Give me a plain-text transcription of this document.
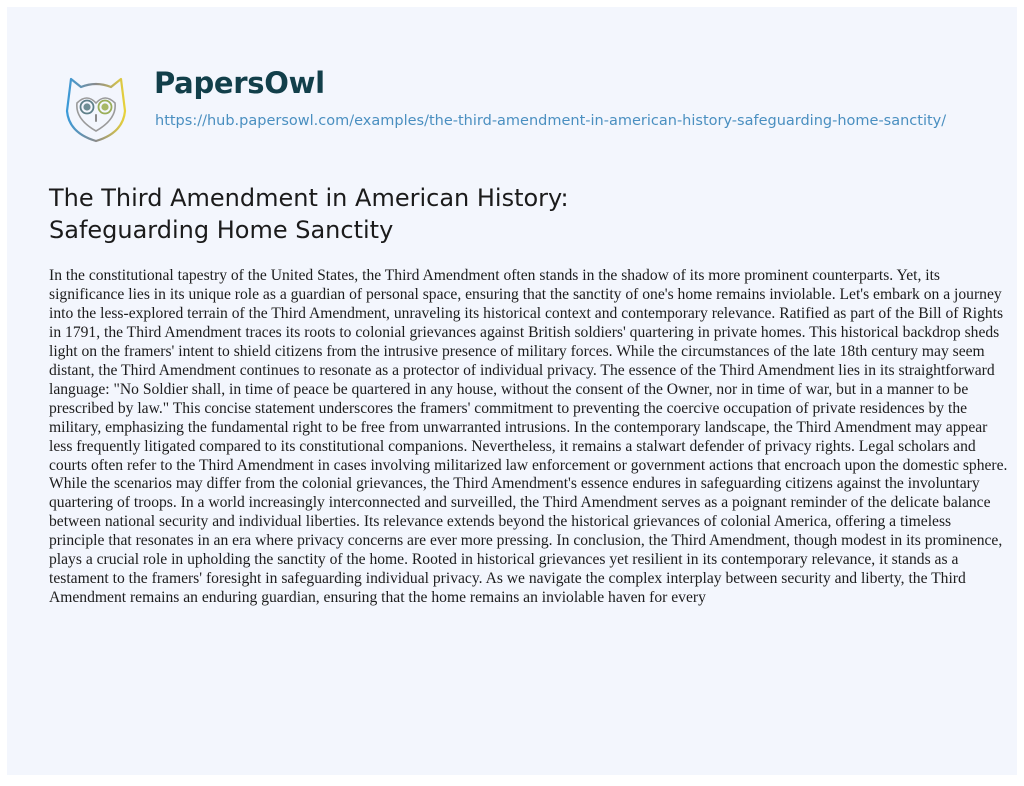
PapersOwl
https://hub.papersowl.com/examples/the-third-amendment-in-american-history-safeguarding-home-sanctity/
The Third Amendment in American History:
Safeguarding Home Sanctity

In the constitutional tapestry of the United States, the Third Amendment often stands in the shadow of its more prominent counterparts. Yet, its significance lies in its unique role as a guardian of personal space, ensuring that the sanctity of one's home remains inviolable. Let's embark on a journey into the less-explored terrain of the Third Amendment, unraveling its historical context and contemporary relevance. Ratified as part of the Bill of Rights in 1791, the Third Amendment traces its roots to colonial grievances against British soldiers' quartering in private homes. This historical backdrop sheds light on the framers' intent to shield citizens from the intrusive presence of military forces. While the circumstances of the late 18th century may seem distant, the Third Amendment continues to resonate as a protector of individual privacy. The essence of the Third Amendment lies in its straightforward language: "No Soldier shall, in time of peace be quartered in any house, without the consent of the Owner, nor in time of war, but in a manner to be prescribed by law." This concise statement underscores the framers' commitment to preventing the coercive occupation of private residences by the military, emphasizing the fundamental right to be free from unwarranted intrusions. In the contemporary landscape, the Third Amendment may appear less frequently litigated compared to its constitutional companions. Nevertheless, it remains a stalwart defender of privacy rights. Legal scholars and courts often refer to the Third Amendment in cases involving militarized law enforcement or government actions that encroach upon the domestic sphere. While the scenarios may differ from the colonial grievances, the Third Amendment's essence endures in safeguarding citizens against the involuntary quartering of troops. In a world increasingly interconnected and surveilled, the Third Amendment serves as a poignant reminder of the delicate balance between national security and individual liberties. Its relevance extends beyond the historical grievances of colonial America, offering a timeless principle that resonates in an era where privacy concerns are ever more pressing. In conclusion, the Third Amendment, though modest in its prominence, plays a crucial role in upholding the sanctity of the home. Rooted in historical grievances yet resilient in its contemporary relevance, it stands as a testament to the framers' foresight in safeguarding individual privacy. As we navigate the complex interplay between security and liberty, the Third Amendment remains an enduring guardian, ensuring that the home remains an inviolable haven for every
